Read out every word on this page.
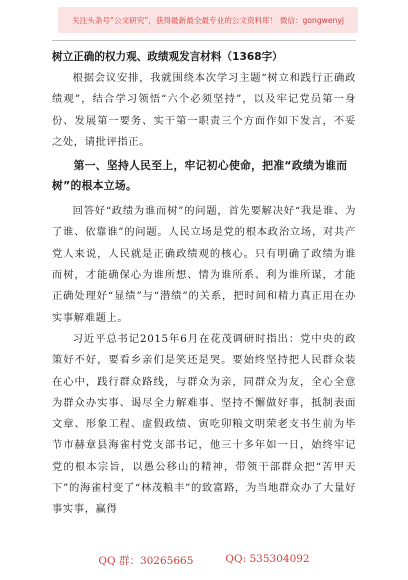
关注头条号“公文研究”，获得最新最全最专业的公文资料库！ 微信：gongwenyj
树立正确的权力观、政绩观发言材料（1368字）

根据会议安排，我就围绕本次学习主题“树立和践行正确政绩观”，结合学习领悟“六个必须坚持”，以及牢记党员第一身份、发展第一要务、实干第一职责三个方面作如下发言，不妥之处，请批评指正。

第一、坚持人民至上，牢记初心使命，把准“政绩为谁而树”的根本立场。

回答好“政绩为谁而树”的问题，首先要解决好“我是谁、为了谁、依靠谁”的问题。人民立场是党的根本政治立场，对共产党人来说，人民就是正确政绩观的核心。只有明确了政绩为谁而树，才能确保心为谁所想、情为谁所系、利为谁所谋，才能正确处理好“显绩”与“潜绩”的关系，把时间和精力真正用在办实事解难题上。

习近平总书记2015年6月在花茂调研时指出：党中央的政策好不好，要看乡亲们是笑还是哭。要始终坚持把人民群众装在心中，践行群众路线，与群众为亲，同群众为友，全心全意为群众办实事、谒尽全力解难事、坚持不懈做好事，抵制表面文章、形象工程、虚假政绩、寅吃卯粮文明荣老支书生前为毕节市赫章县海雀村党支部书记，他三十多年如一日，始终牢记党的根本宗旨，以愚公移山的精神，带领干部群众把“苦甲天下”的海雀村变了“林茂粮丰”的致富路，为当地群众办了大量好事实事，赢得

QQ 群：30265665	QQ: 535304092
